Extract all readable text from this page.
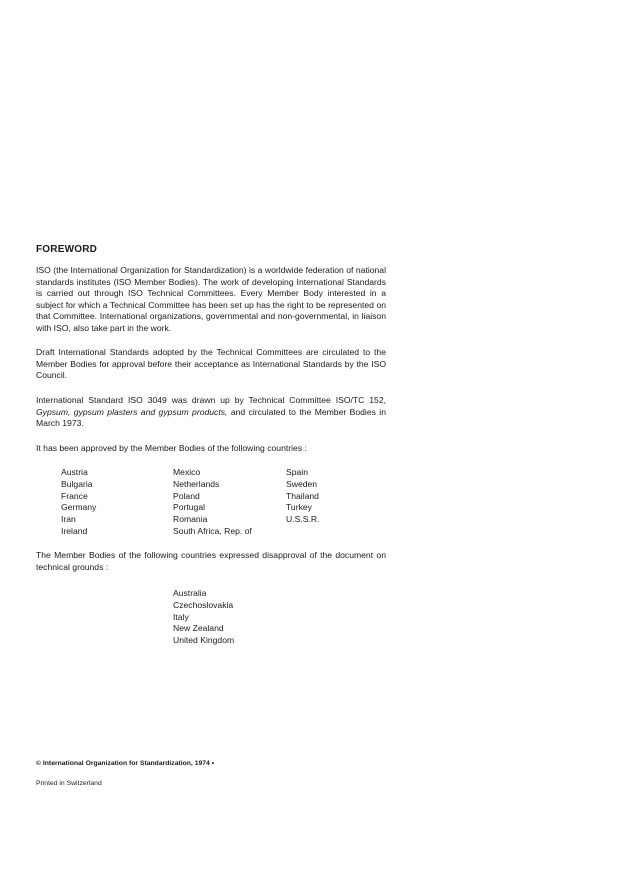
FOREWORD
ISO (the International Organization for Standardization) is a worldwide federation of national standards institutes (ISO Member Bodies). The work of developing International Standards is carried out through ISO Technical Committees. Every Member Body interested in a subject for which a Technical Committee has been set up has the right to be represented on that Committee. International organizations, governmental and non-governmental, in liaison with ISO, also take part in the work.
Draft International Standards adopted by the Technical Committees are circulated to the Member Bodies for approval before their acceptance as International Standards by the ISO Council.
International Standard ISO 3049 was drawn up by Technical Committee ISO/TC 152, Gypsum, gypsum plasters and gypsum products, and circulated to the Member Bodies in March 1973.
It has been approved by the Member Bodies of the following countries :
Austria
Bulgaria
France
Germany
Iran
Ireland
Mexico
Netherlands
Poland
Portugal
Romania
South Africa, Rep. of
Spain
Sweden
Thailand
Turkey
U.S.S.R.
The Member Bodies of the following countries expressed disapproval of the document on technical grounds :
Australia
Czechoslovakia
Italy
New Zealand
United Kingdom
© International Organization for Standardization, 1974 •
Printed in Switzerland
